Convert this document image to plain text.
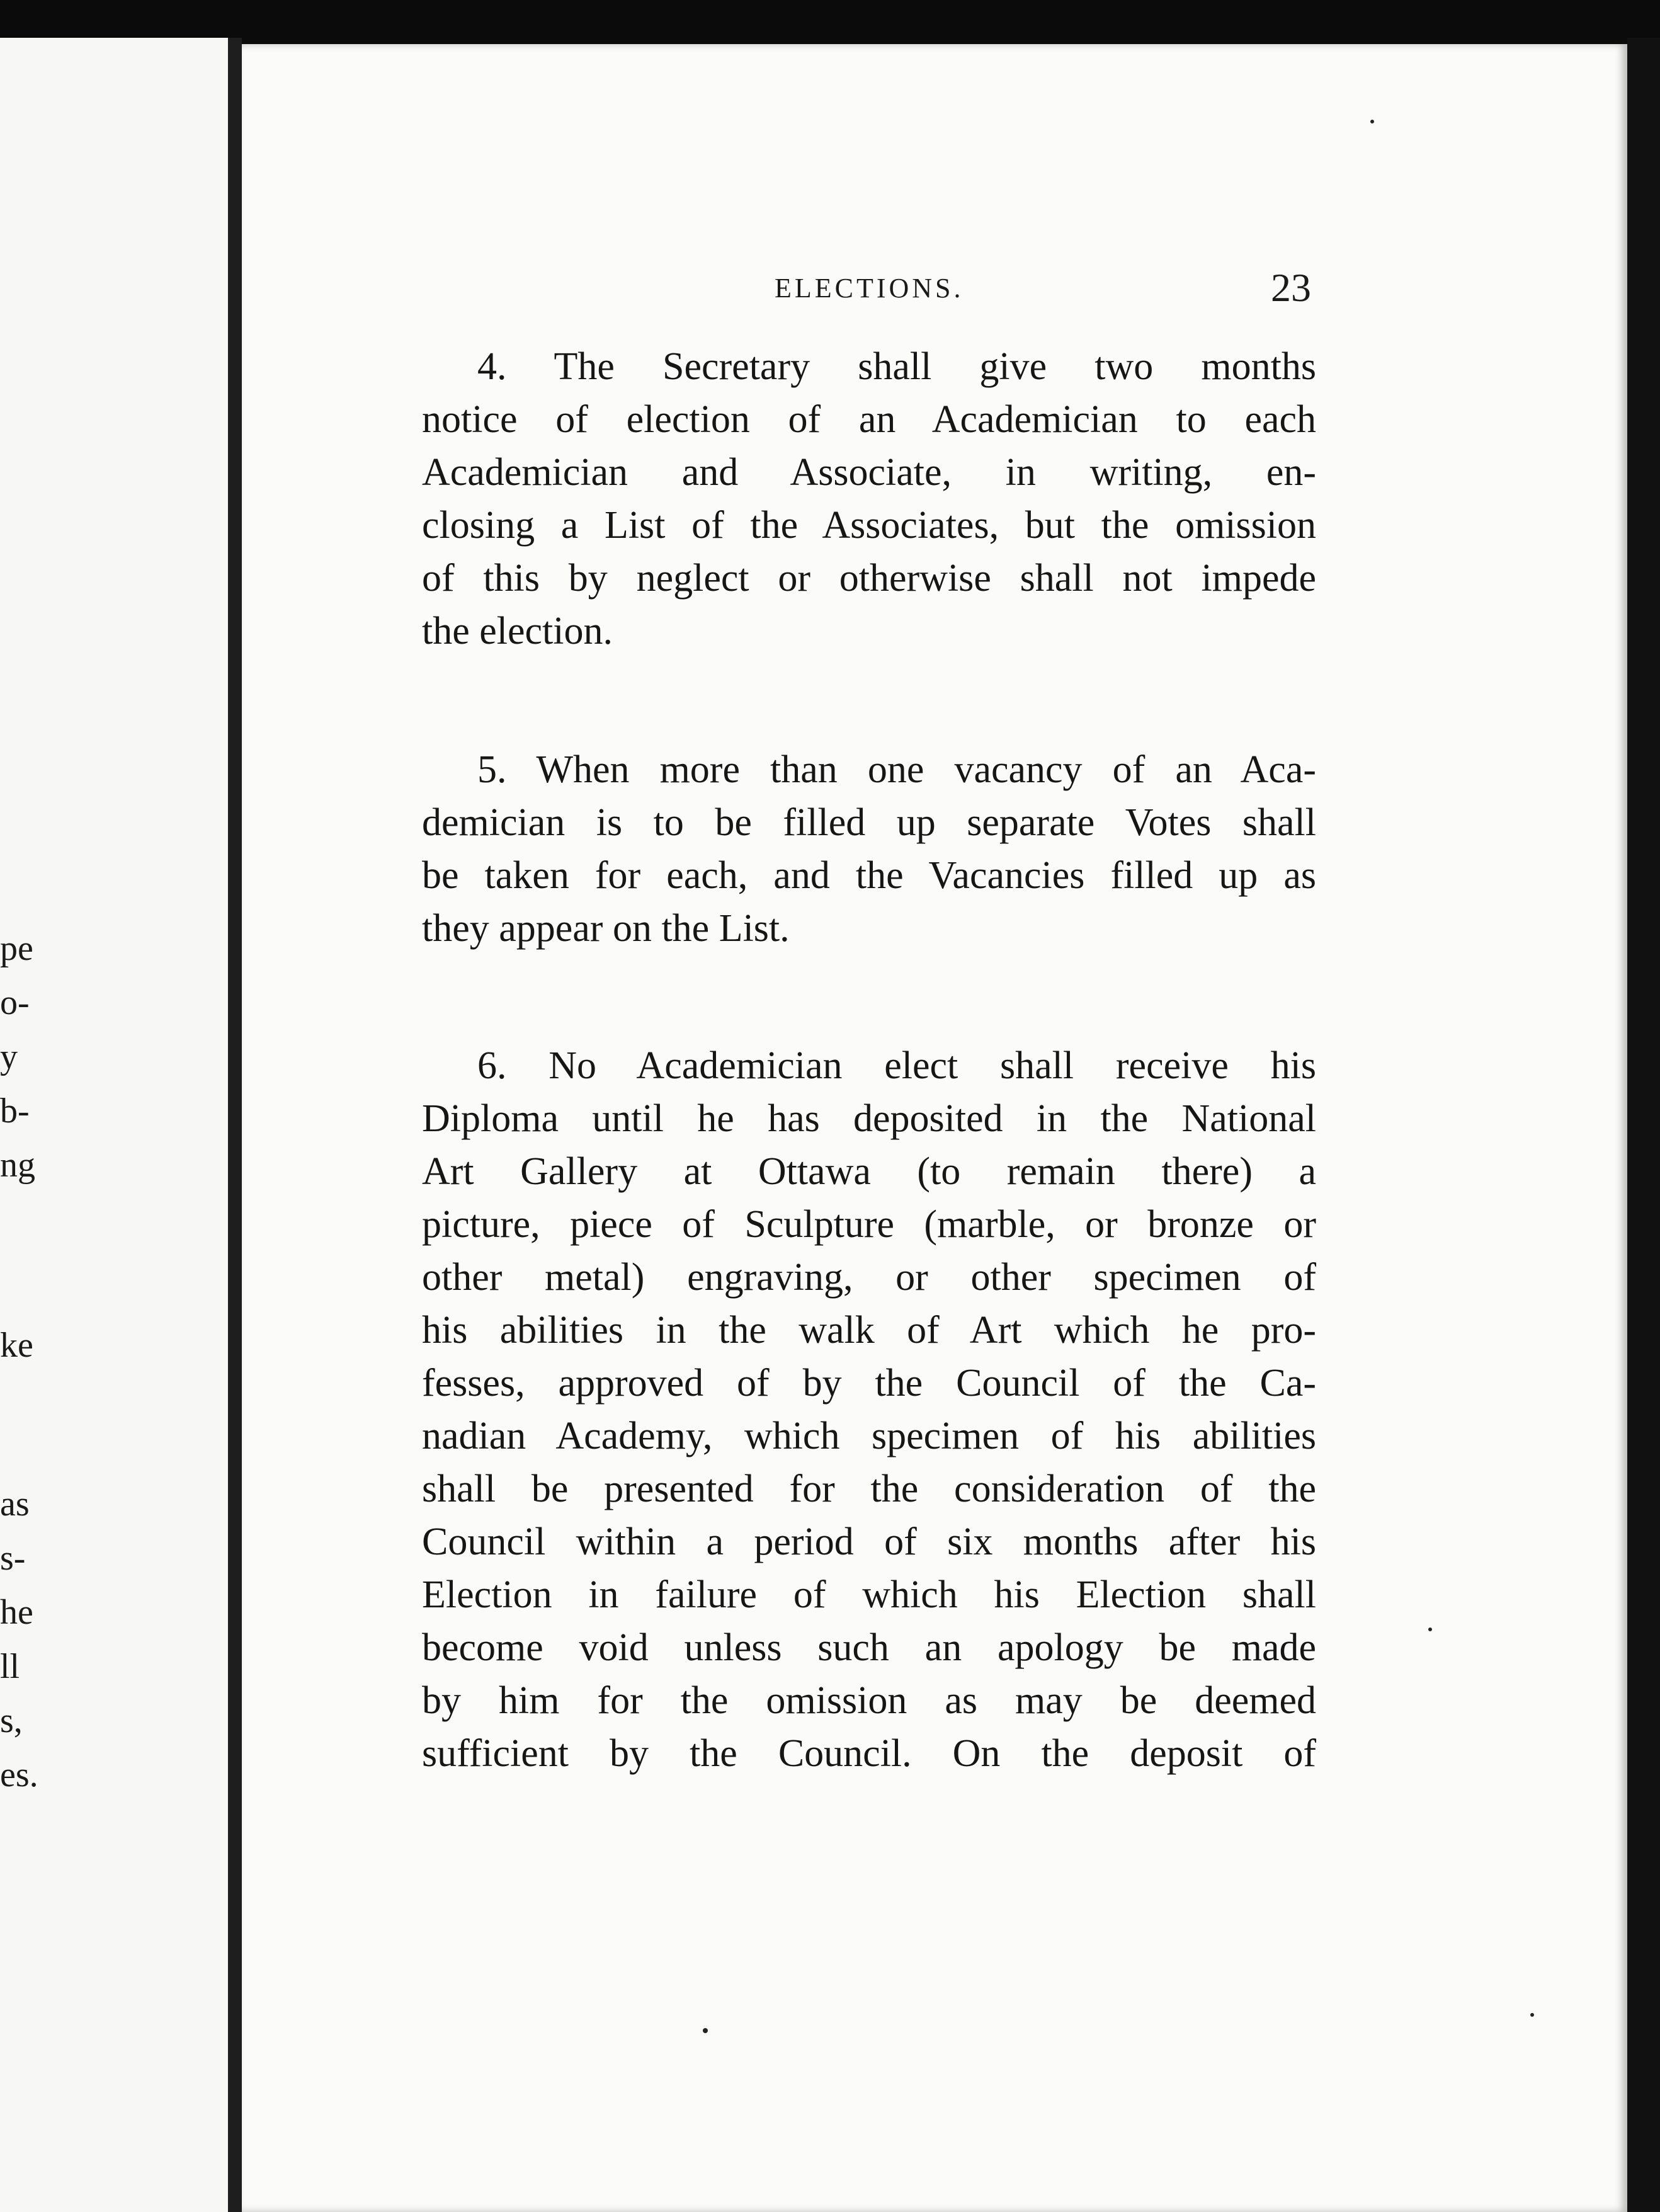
pe
o-
y
b-
ng
ke
as
s-
he
ll
s,
es.
ELECTIONS.	23
4. The Secretary shall give two months
notice of election of an Academician to each
Academician and Associate, in writing, en-
closing a List of the Associates, but the omission
of this by neglect or otherwise shall not impede
the election.
5. When more than one vacancy of an Aca-
demician is to be filled up separate Votes shall
be taken for each, and the Vacancies filled up as
they appear on the List.
6. No Academician elect shall receive his
Diploma until he has deposited in the National
Art Gallery at Ottawa (to remain there) a
picture, piece of Sculpture (marble, or bronze or
other metal) engraving, or other specimen of
his abilities in the walk of Art which he pro-
fesses, approved of by the Council of the Ca-
nadian Academy, which specimen of his abilities
shall be presented for the consideration of the
Council within a period of six months after his
Election in failure of which his Election shall
become void unless such an apology be made
by him for the omission as may be deemed
sufficient by the Council. On the deposit of
